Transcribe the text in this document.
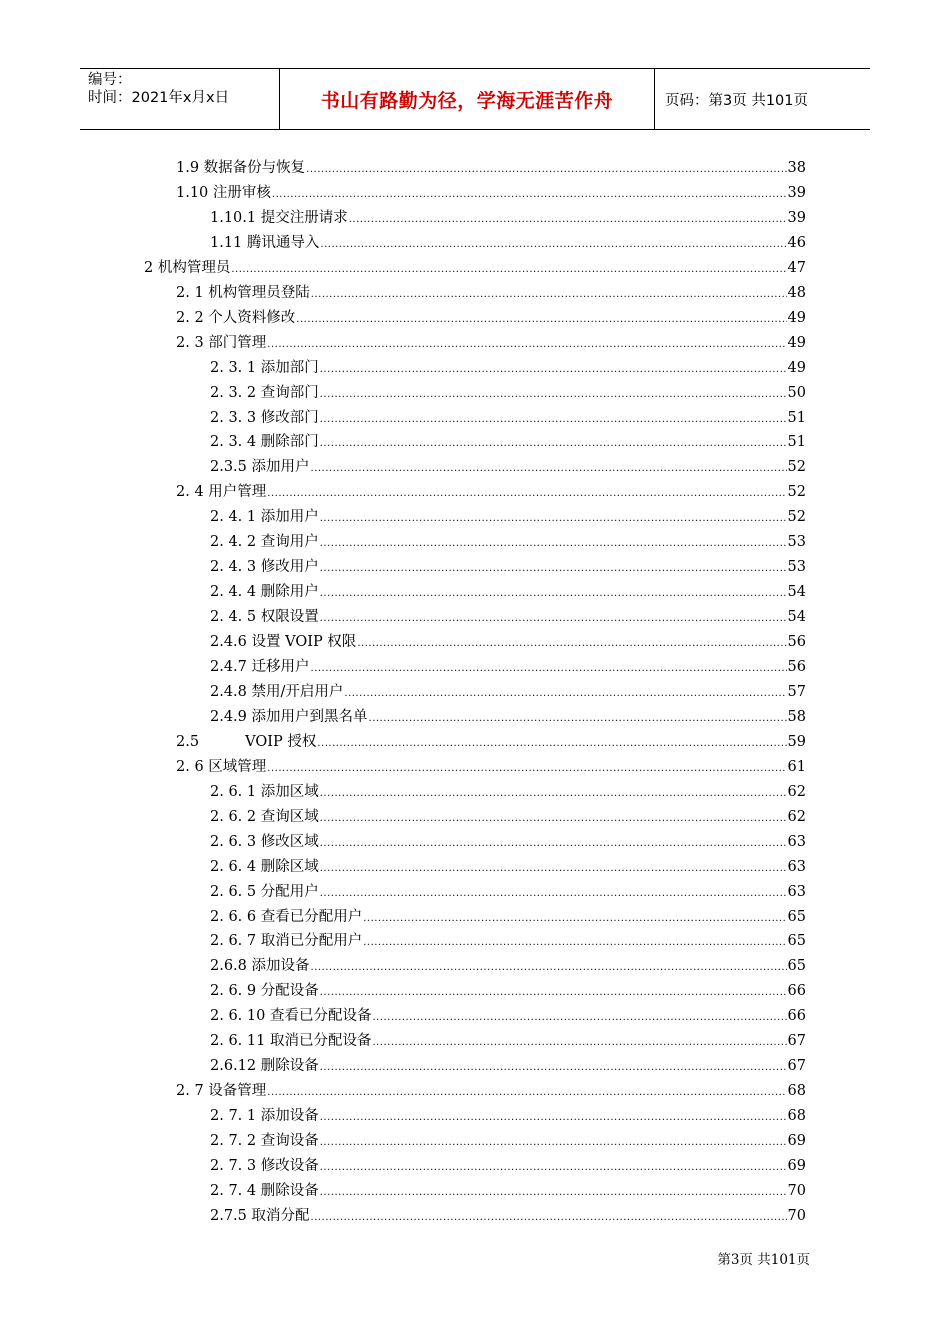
编号：
时间：2021年x月x日	书山有路勤为径，学海无涯苦作舟	页码：第3页 共101页
1.9 数据备份与恢复 .....	38
1.10 注册审核 .....	39
1.10.1 提交注册请求 .....	39
1.11 腾讯通导入 .....	46
2 机构管理员 .....	47
2. 1 机构管理员登陆 .....	48
2. 2 个人资料修改 .....	49
2. 3 部门管理 .....	49
2. 3. 1 添加部门 .....	49
2. 3. 2 查询部门 .....	50
2. 3. 3 修改部门 .....	51
2. 3. 4 删除部门 .....	51
2.3.5 添加用户 .....	52
2. 4 用户管理 .....	52
2. 4. 1 添加用户 .....	52
2. 4. 2 查询用户 .....	53
2. 4. 3 修改用户 .....	53
2. 4. 4 删除用户 .....	54
2. 4. 5 权限设置 .....	54
2.4.6 设置 VOIP 权限 .....	56
2.4.7 迁移用户 .....	56
2.4.8 禁用/开启用户 .....	57
2.4.9 添加用户到黑名单 .....	58
2.5          VOIP 授权 .....	59
2. 6 区域管理 .....	61
2. 6. 1 添加区域 .....	62
2. 6. 2 查询区域 .....	62
2. 6. 3 修改区域 .....	63
2. 6. 4 删除区域 .....	63
2. 6. 5 分配用户 .....	63
2. 6. 6 查看已分配用户 .....	65
2. 6. 7 取消已分配用户 .....	65
2.6.8 添加设备 .....	65
2. 6. 9 分配设备 .....	66
2. 6. 10 查看已分配设备 .....	66
2. 6. 11 取消已分配设备 .....	67
2.6.12 删除设备 .....	67
2. 7 设备管理 .....	68
2. 7. 1 添加设备 .....	68
2. 7. 2 查询设备 .....	69
2. 7. 3 修改设备 .....	69
2. 7. 4 删除设备 .....	70
2.7.5 取消分配 .....	70
第3页 共101页
